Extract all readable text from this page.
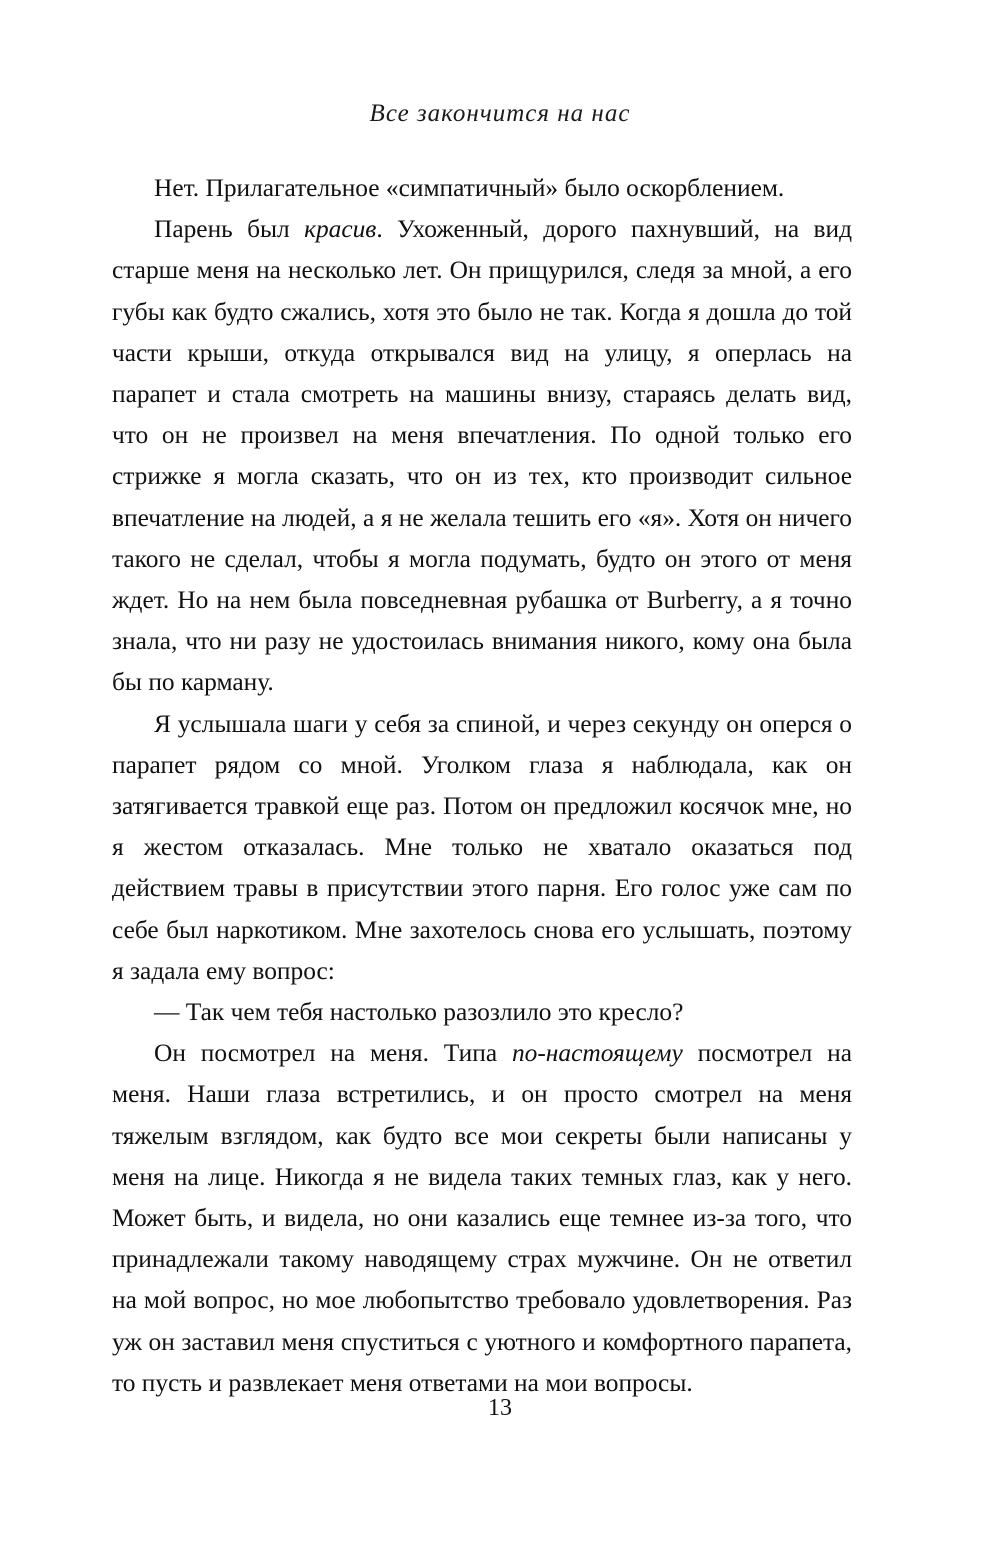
Все закончится на нас

Нет. Прилагательное «симпатичный» было оскорблением.

Парень был красив. Ухоженный, дорого пахнувший, на вид старше меня на несколько лет. Он прищурился, следя за мной, а его губы как будто сжались, хотя это было не так. Когда я дошла до той части крыши, откуда открывался вид на улицу, я оперлась на парапет и стала смотреть на машины внизу, стараясь делать вид, что он не произвел на меня впечатления. По одной только его стрижке я могла сказать, что он из тех, кто производит сильное впечатление на людей, а я не желала тешить его «я». Хотя он ничего такого не сделал, чтобы я могла подумать, будто он этого от меня ждет. Но на нем была повседневная рубашка от Burberry, а я точно знала, что ни разу не удостоилась внимания никого, кому она была бы по карману.

Я услышала шаги у себя за спиной, и через секунду он оперся о парапет рядом со мной. Уголком глаза я наблюдала, как он затягивается травкой еще раз. Потом он предложил косячок мне, но я жестом отказалась. Мне только не хватало оказаться под действием травы в присутствии этого парня. Его голос уже сам по себе был наркотиком. Мне захотелось снова его услышать, поэтому я задала ему вопрос:

— Так чем тебя настолько разозлило это кресло?

Он посмотрел на меня. Типа по-настоящему посмотрел на меня. Наши глаза встретились, и он просто смотрел на меня тяжелым взглядом, как будто все мои секреты были написаны у меня на лице. Никогда я не видела таких темных глаз, как у него. Может быть, и видела, но они казались еще темнее из-за того, что принадлежали такому наводящему страх мужчине. Он не ответил на мой вопрос, но мое любопытство требовало удовлетворения. Раз уж он заставил меня спуститься с уютного и комфортного парапета, то пусть и развлекает меня ответами на мои вопросы.

13
